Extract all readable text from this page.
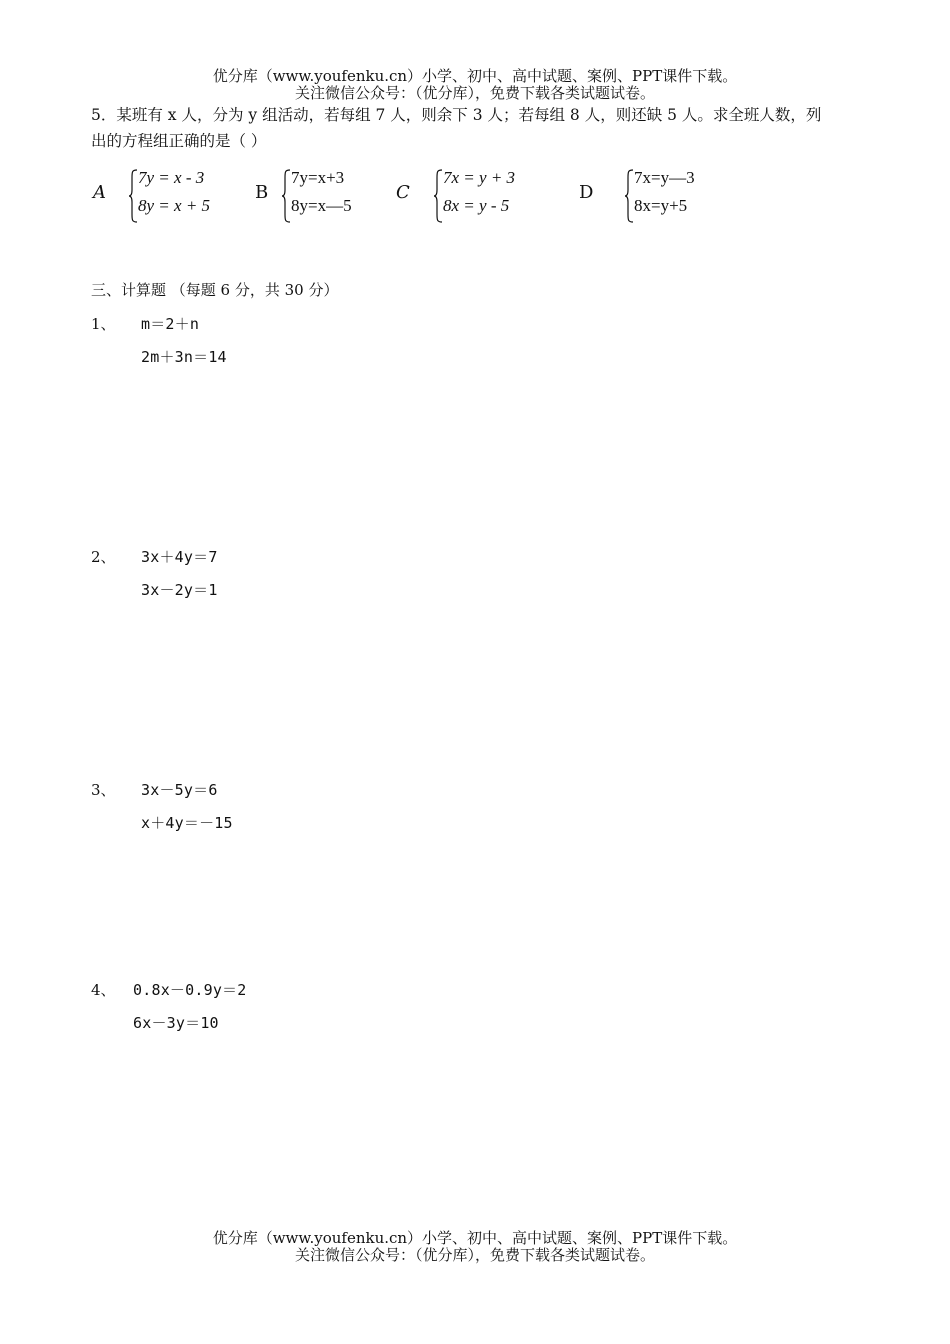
优分库（www.youfenku.cn）小学、初中、高中试题、案例、PPT课件下载。
关注微信公众号：（优分库），免费下载各类试题试卷。
5．某班有 x 人，分为 y 组活动，若每组 7 人，则余下 3 人；若每组 8 人，则还缺 5 人。求全班人数，列
出的方程组正确的是（ ）
A
7y = x - 3
8y = x + 5
B
7y=x+3
8y=x—5
C
7x = y + 3
8x = y - 5
D
7x=y—3
8x=y+5
三、计算题 （每题 6 分，共 30 分）
1、 m＝2＋n
2m＋3n＝14
2、 3x＋4y＝7
3x－2y＝1
3、 3x－5y＝6
x＋4y＝－15
4、 0.8x－0.9y＝2
6x－3y＝10
优分库（www.youfenku.cn）小学、初中、高中试题、案例、PPT课件下载。
关注微信公众号：（优分库），免费下载各类试题试卷。
